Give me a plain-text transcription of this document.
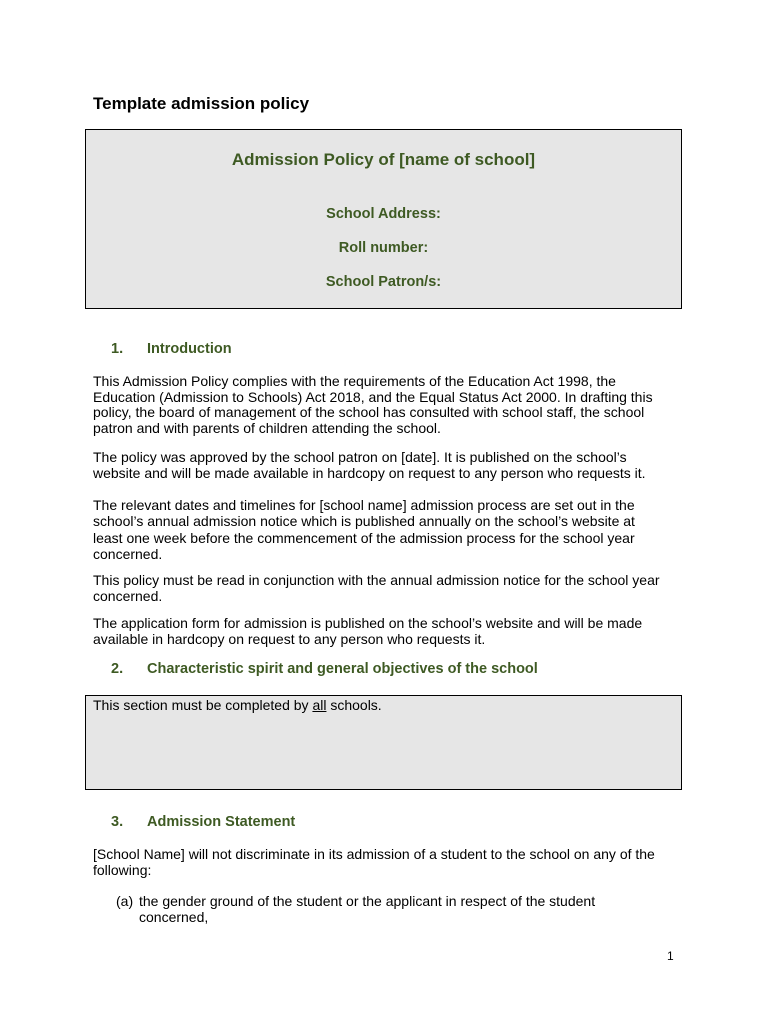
Template admission policy
Admission Policy of [name of school]
School Address:
Roll number:
School Patron/s:
1. Introduction

This Admission Policy complies with the requirements of the Education Act 1998, the
Education (Admission to Schools) Act 2018, and the Equal Status Act 2000. In drafting this
policy, the board of management of the school has consulted with school staff, the school
patron and with parents of children attending the school.

The policy was approved by the school patron on [date]. It is published on the school’s
website and will be made available in hardcopy on request to any person who requests it.

The relevant dates and timelines for [school name] admission process are set out in the
school’s annual admission notice which is published annually on the school’s website at
least one week before the commencement of the admission process for the school year
concerned.

This policy must be read in conjunction with the annual admission notice for the school year
concerned.

The application form for admission is published on the school’s website and will be made
available in hardcopy on request to any person who requests it.

2. Characteristic spirit and general objectives of the school
This section must be completed by all schools.
3. Admission Statement

[School Name] will not discriminate in its admission of a student to the school on any of the
following:

(a) the gender ground of the student or the applicant in respect of the student
concerned,
1
